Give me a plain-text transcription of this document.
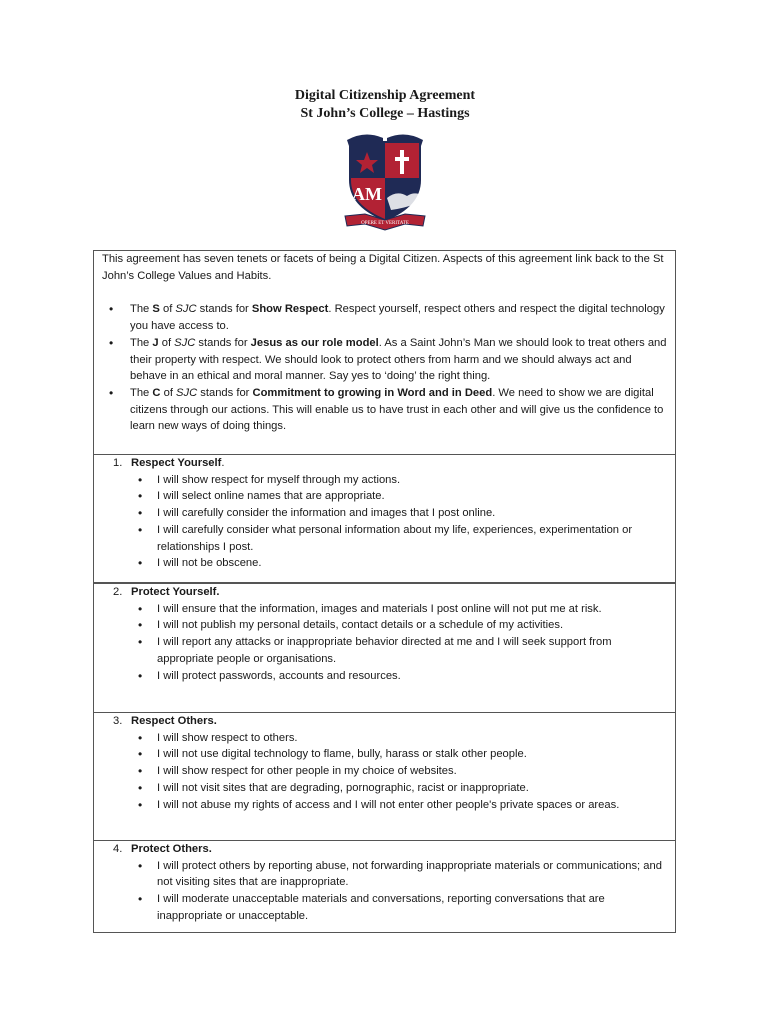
Digital Citizenship Agreement
St John’s College – Hastings
AM
OPERE ET VERITATE

This agreement has seven tenets or facets of being a Digital Citizen. Aspects of this agreement link back to the St John’s College Values and Habits.

• The S of SJC stands for Show Respect. Respect yourself, respect others and respect the digital technology you have access to.
• The J of SJC stands for Jesus as our role model. As a Saint John’s Man we should look to treat others and their property with respect. We should look to protect others from harm and we should always act and behave in an ethical and moral manner. Say yes to ‘doing’ the right thing.
• The C of SJC stands for Commitment to growing in Word and in Deed. We need to show we are digital citizens through our actions. This will enable us to have trust in each other and will give us the confidence to learn new ways of doing things.
1. Respect Yourself.
• I will show respect for myself through my actions.
• I will select online names that are appropriate.
• I will carefully consider the information and images that I post online.
• I will carefully consider what personal information about my life, experiences, experimentation or relationships I post.
• I will not be obscene.
2. Protect Yourself.
• I will ensure that the information, images and materials I post online will not put me at risk.
• I will not publish my personal details, contact details or a schedule of my activities.
• I will report any attacks or inappropriate behavior directed at me and I will seek support from appropriate people or organisations.
• I will protect passwords, accounts and resources.
3. Respect Others.
• I will show respect to others.
• I will not use digital technology to flame, bully, harass or stalk other people.
• I will show respect for other people in my choice of websites.
• I will not visit sites that are degrading, pornographic, racist or inappropriate.
• I will not abuse my rights of access and I will not enter other people's private spaces or areas.
4. Protect Others.
• I will protect others by reporting abuse, not forwarding inappropriate materials or communications; and not visiting sites that are inappropriate.
• I will moderate unacceptable materials and conversations, reporting conversations that are inappropriate or unacceptable.
